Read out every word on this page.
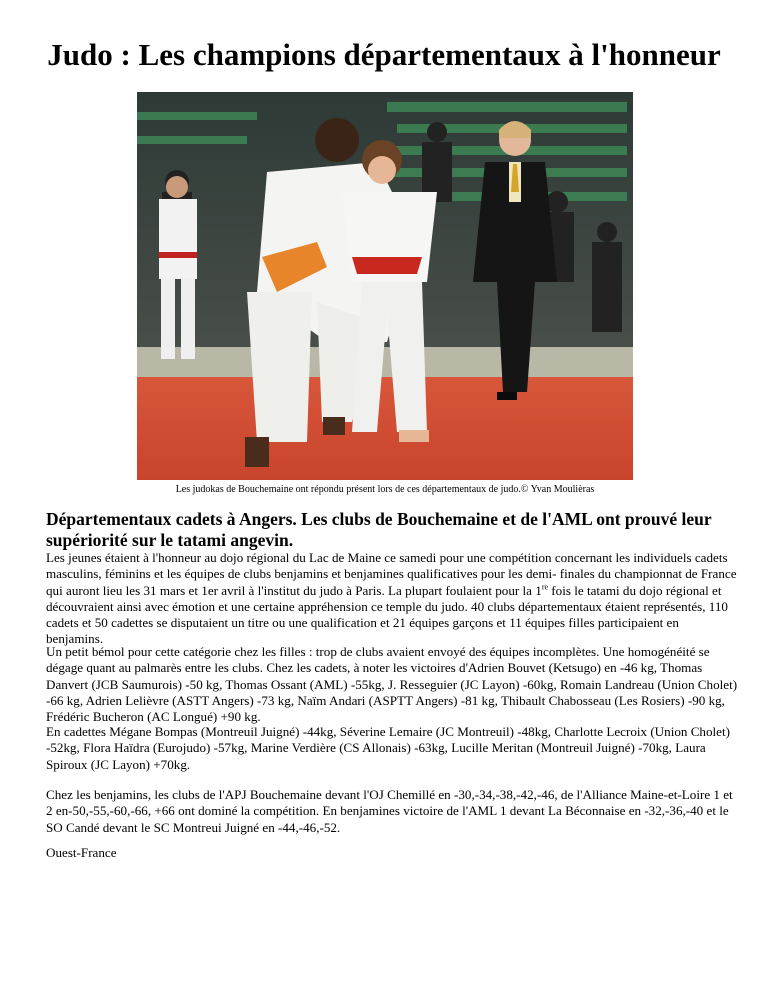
Judo : Les champions départementaux à l'honneur
Les judokas de Bouchemaine ont répondu présent lors de ces départementaux de judo.© Yvan Moulièras
Départementaux cadets à Angers. Les clubs de Bouchemaine et de l'AML ont prouvé leur supériorité sur le tatami angevin.

Les jeunes étaient à l'honneur au dojo régional du Lac de Maine ce samedi pour une compétition concernant les individuels cadets masculins, féminins et les équipes de clubs benjamins et benjamines qualificatives pour les demi- finales du championnat de France qui auront lieu les 31 mars et 1er avril à l'institut du judo à Paris. La plupart foulaient pour la 1re fois le tatami du dojo régional et découvraient ainsi avec émotion et une certaine appréhension ce temple du judo. 40 clubs départementaux étaient représentés, 110 cadets et 50 cadettes se disputaient un titre ou une qualification et 21 équipes garçons et 11 équipes filles participaient en benjamins.

Un petit bémol pour cette catégorie chez les filles : trop de clubs avaient envoyé des équipes incomplètes. Une homogénéité se dégage quant au palmarès entre les clubs. Chez les cadets, à noter les victoires d'Adrien Bouvet (Ketsugo) en -46 kg, Thomas Danvert (JCB Saumurois) -50 kg, Thomas Ossant (AML) -55kg, J. Resseguier (JC Layon) -60kg, Romain Landreau (Union Cholet) -66 kg, Adrien Lelièvre (ASTT Angers) -73 kg, Naïm Andari (ASPTT Angers) -81 kg, Thibault Chabosseau (Les Rosiers) -90 kg, Frédéric Bucheron (AC Longué) +90 kg.

En cadettes Mégane Bompas (Montreuil Juigné) -44kg, Séverine Lemaire (JC Montreuil) -48kg, Charlotte Lecroix (Union Cholet) -52kg, Flora Haïdra (Eurojudo) -57kg, Marine Verdière (CS Allonais) -63kg, Lucille Meritan (Montreuil Juigné) -70kg, Laura Spiroux (JC Layon) +70kg.

Chez les benjamins, les clubs de l'APJ Bouchemaine devant l'OJ Chemillé en -30,-34,-38,-42,-46, de l'Alliance Maine-et-Loire 1 et 2 en-50,-55,-60,-66, +66 ont dominé la compétition. En benjamines victoire de l'AML 1 devant La Béconnaise en -32,-36,-40 et le SO Candé devant le SC Montreui Juigné en -44,-46,-52.

Ouest-France
